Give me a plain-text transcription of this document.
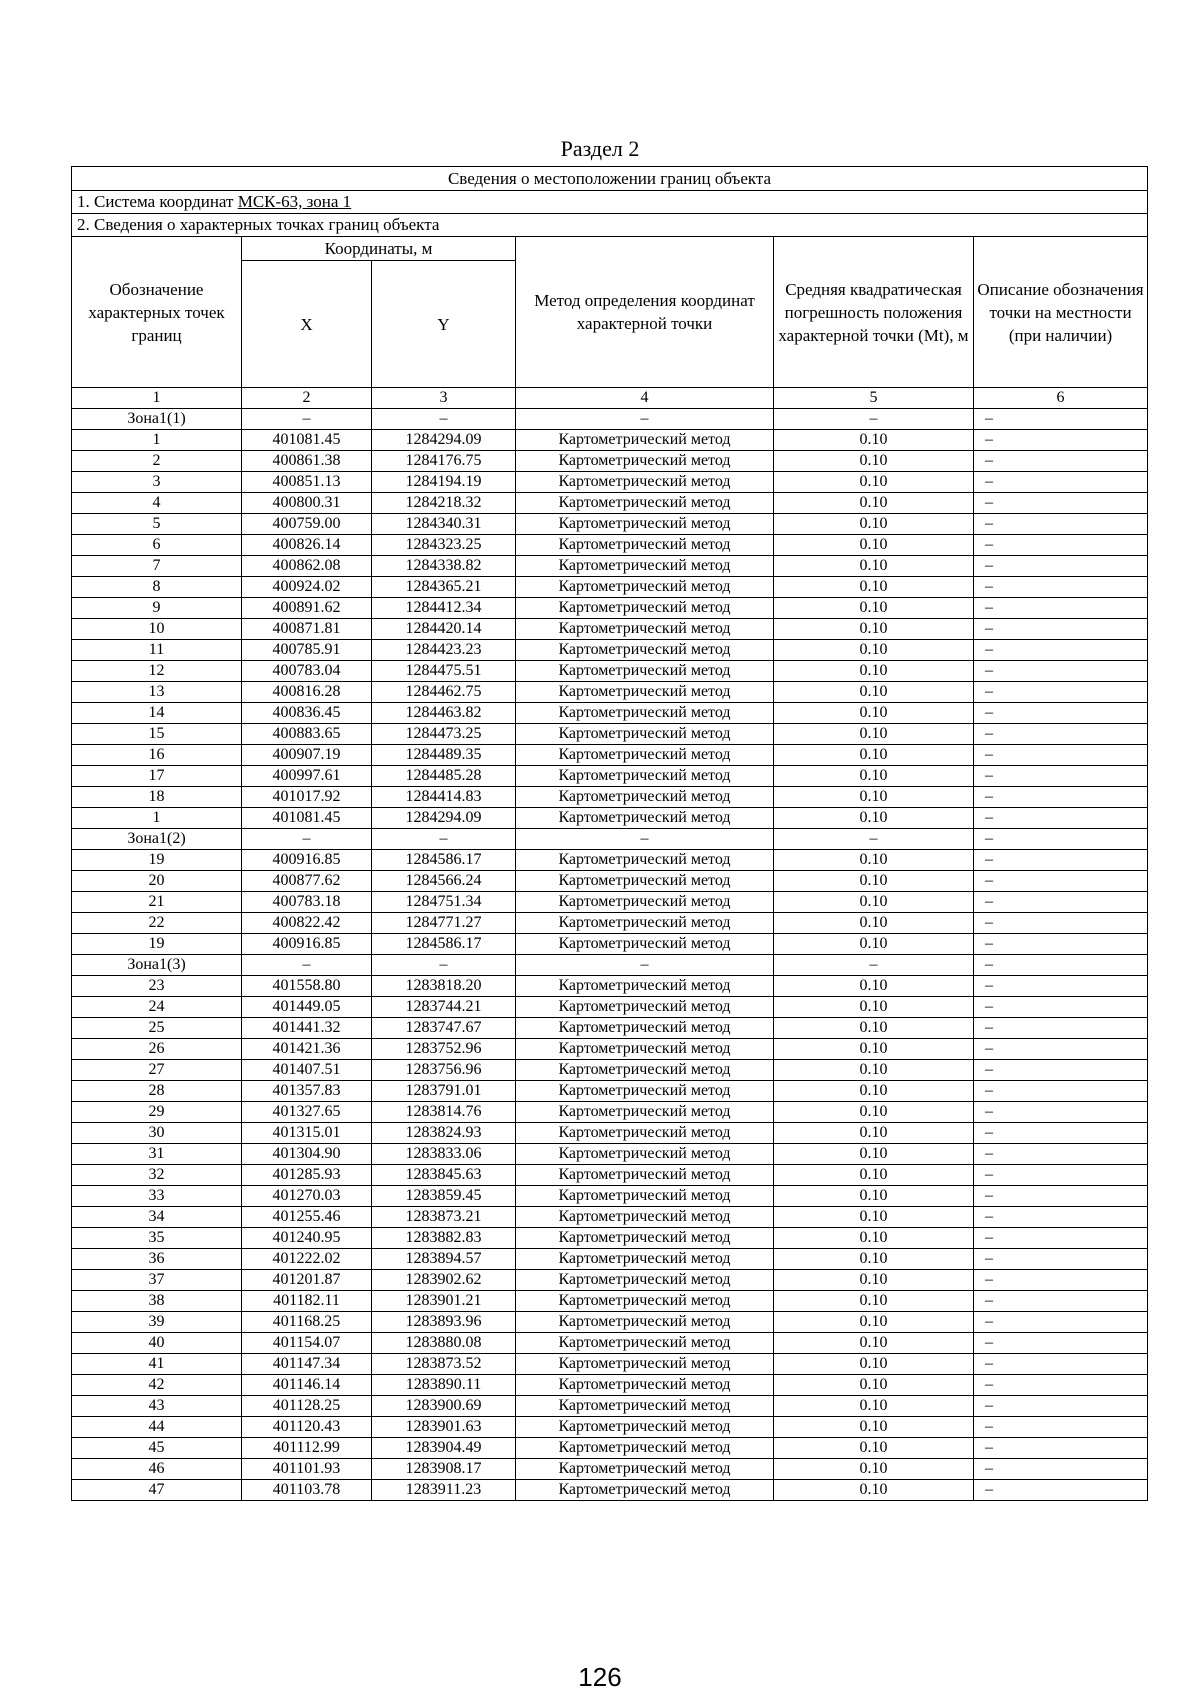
Раздел 2
Сведения о местоположении границ объекта					
1. Система координат МСК-63, зона 1					
2. Сведения о характерных точках границ объекта					
Обозначение характерных точек границ	Координаты, м		Метод определения координат характерной точки	Средняя квадратическая погрешность положения характерной точки (Mt), м	Описание обозначения точки на местности (при наличии)
	X	Y			
1	2	3	4	5	6
Зона1(1)	–	–	–	–	–
1	401081.45	1284294.09	Картометрический метод	0.10	–
2	400861.38	1284176.75	Картометрический метод	0.10	–
3	400851.13	1284194.19	Картометрический метод	0.10	–
4	400800.31	1284218.32	Картометрический метод	0.10	–
5	400759.00	1284340.31	Картометрический метод	0.10	–
6	400826.14	1284323.25	Картометрический метод	0.10	–
7	400862.08	1284338.82	Картометрический метод	0.10	–
8	400924.02	1284365.21	Картометрический метод	0.10	–
9	400891.62	1284412.34	Картометрический метод	0.10	–
10	400871.81	1284420.14	Картометрический метод	0.10	–
11	400785.91	1284423.23	Картометрический метод	0.10	–
12	400783.04	1284475.51	Картометрический метод	0.10	–
13	400816.28	1284462.75	Картометрический метод	0.10	–
14	400836.45	1284463.82	Картометрический метод	0.10	–
15	400883.65	1284473.25	Картометрический метод	0.10	–
16	400907.19	1284489.35	Картометрический метод	0.10	–
17	400997.61	1284485.28	Картометрический метод	0.10	–
18	401017.92	1284414.83	Картометрический метод	0.10	–
1	401081.45	1284294.09	Картометрический метод	0.10	–
Зона1(2)	–	–	–	–	–
19	400916.85	1284586.17	Картометрический метод	0.10	–
20	400877.62	1284566.24	Картометрический метод	0.10	–
21	400783.18	1284751.34	Картометрический метод	0.10	–
22	400822.42	1284771.27	Картометрический метод	0.10	–
19	400916.85	1284586.17	Картометрический метод	0.10	–
Зона1(3)	–	–	–	–	–
23	401558.80	1283818.20	Картометрический метод	0.10	–
24	401449.05	1283744.21	Картометрический метод	0.10	–
25	401441.32	1283747.67	Картометрический метод	0.10	–
26	401421.36	1283752.96	Картометрический метод	0.10	–
27	401407.51	1283756.96	Картометрический метод	0.10	–
28	401357.83	1283791.01	Картометрический метод	0.10	–
29	401327.65	1283814.76	Картометрический метод	0.10	–
30	401315.01	1283824.93	Картометрический метод	0.10	–
31	401304.90	1283833.06	Картометрический метод	0.10	–
32	401285.93	1283845.63	Картометрический метод	0.10	–
33	401270.03	1283859.45	Картометрический метод	0.10	–
34	401255.46	1283873.21	Картометрический метод	0.10	–
35	401240.95	1283882.83	Картометрический метод	0.10	–
36	401222.02	1283894.57	Картометрический метод	0.10	–
37	401201.87	1283902.62	Картометрический метод	0.10	–
38	401182.11	1283901.21	Картометрический метод	0.10	–
39	401168.25	1283893.96	Картометрический метод	0.10	–
40	401154.07	1283880.08	Картометрический метод	0.10	–
41	401147.34	1283873.52	Картометрический метод	0.10	–
42	401146.14	1283890.11	Картометрический метод	0.10	–
43	401128.25	1283900.69	Картометрический метод	0.10	–
44	401120.43	1283901.63	Картометрический метод	0.10	–
45	401112.99	1283904.49	Картометрический метод	0.10	–
46	401101.93	1283908.17	Картометрический метод	0.10	–
47	401103.78	1283911.23	Картометрический метод	0.10	–
126
